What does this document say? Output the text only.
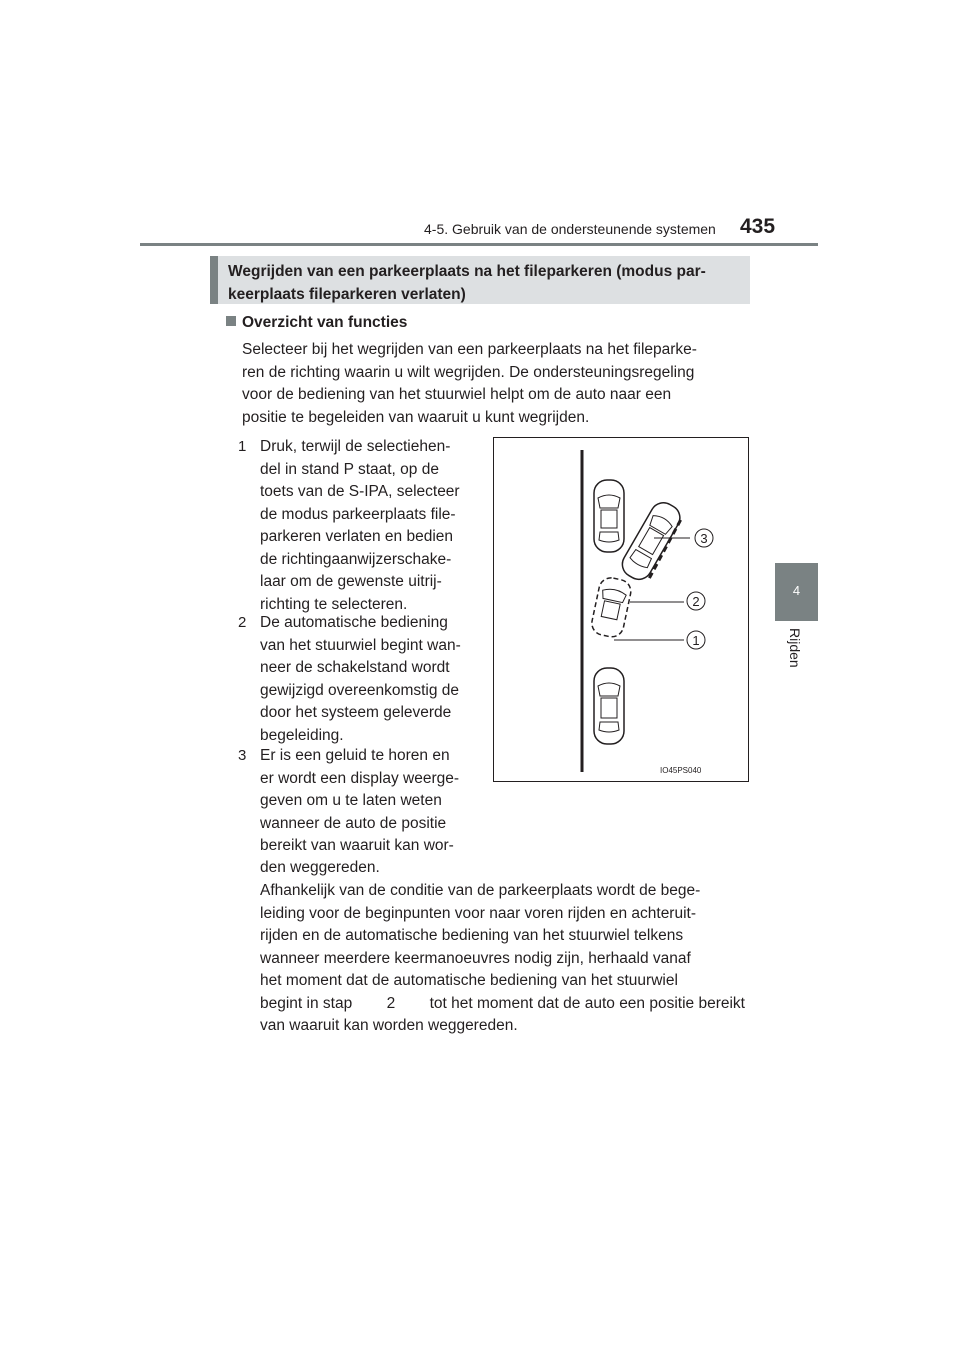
4-5. Gebruik van de ondersteunende systemen 435
4
Rijden
Wegrijden van een parkeerplaats na het fileparkeren (modus par-
keerplaats fileparkeren verlaten)
Overzicht van functies
Selecteer bij het wegrijden van een parkeerplaats na het fileparke-
ren de richting waarin u wilt wegrijden. De ondersteuningsregeling
voor de bediening van het stuurwiel helpt om de auto naar een
positie te begeleiden van waaruit u kunt wegrijden.
1 Druk, terwijl de selectiehen-
del in stand P staat, op de
toets van de S-IPA, selecteer
de modus parkeerplaats file-
parkeren verlaten en bedien
de richtingaanwijzerschake-
laar om de gewenste uitrij-
richting te selecteren.
2 De automatische bediening
van het stuurwiel begint wan-
neer de schakelstand wordt
gewijzigd overeenkomstig de
door het systeem geleverde
begeleiding.
3 Er is een geluid te horen en
er wordt een display weerge-
geven om u te laten weten
wanneer de auto de positie
bereikt van waaruit kan wor-
den weggereden.
Afhankelijk van de conditie van de parkeerplaats wordt de bege-
leiding voor de beginpunten voor naar voren rijden en achteruit-
rijden en de automatische bediening van het stuurwiel telkens
wanneer meerdere keermanoeuvres nodig zijn, herhaald vanaf
het moment dat de automatische bediening van het stuurwiel
begint in stap 2 tot het moment dat de auto een positie bereikt
van waaruit kan worden weggereden.
3
2
1
IO45PS040
